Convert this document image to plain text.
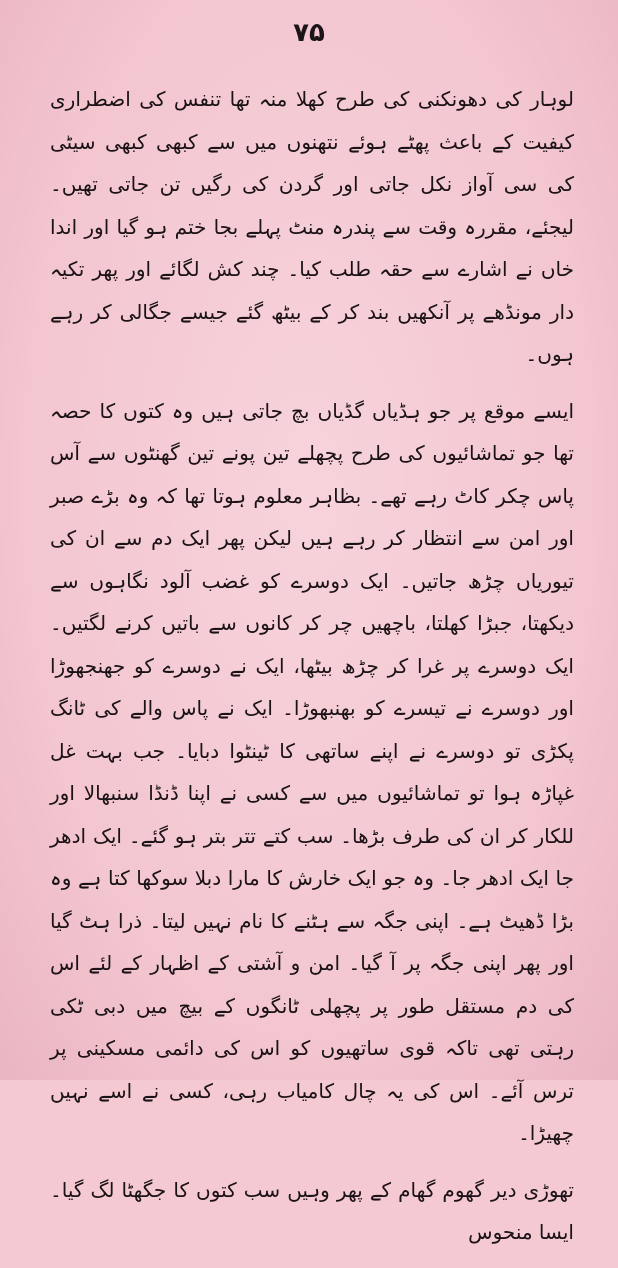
۷۵

لوہار کی دھونکنی کی طرح کھلا منہ تھا تنفس کی اضطراری کیفیت کے باعث پھٹے ہوئے نتھنوں میں سے کبھی کبھی سیٹی کی سی آواز نکل جاتی اور گردن کی رگیں تن جاتی تھیں۔ لیجئے، مقررہ وقت سے پندرہ منٹ پہلے بجا ختم ہو گیا اور اندا خاں نے اشارے سے حقہ طلب کیا۔ چند کش لگائے اور پھر تکیہ دار مونڈھے پر آنکھیں بند کر کے بیٹھ گئے جیسے جگالی کر رہے ہوں۔

ایسے موقع پر جو ہڈیاں گڈیاں بچ جاتی ہیں وہ کتوں کا حصہ تھا جو تماشائیوں کی طرح پچھلے تین پونے تین گھنٹوں سے آس پاس چکر کاٹ رہے تھے۔ بظاہر معلوم ہوتا تھا کہ وہ بڑے صبر اور امن سے انتظار کر رہے ہیں لیکن پھر ایک دم سے ان کی تیوریاں چڑھ جاتیں۔ ایک دوسرے کو غضب آلود نگاہوں سے دیکھتا، جبڑا کھلتا، باچھیں چر کر کانوں سے باتیں کرنے لگتیں۔ ایک دوسرے پر غرا کر چڑھ بیٹھا، ایک نے دوسرے کو جھنجھوڑا اور دوسرے نے تیسرے کو بھنبھوڑا۔ ایک نے پاس والے کی ٹانگ پکڑی تو دوسرے نے اپنے ساتھی کا ٹینٹوا دبایا۔ جب بہت غل غپاڑہ ہوا تو تماشائیوں میں سے کسی نے اپنا ڈنڈا سنبھالا اور للکار کر ان کی طرف بڑھا۔ سب کتے تتر بتر ہو گئے۔ ایک ادھر جا ایک ادھر جا۔ وہ جو ایک خارش کا مارا دبلا سوکھا کتا ہے وہ بڑا ڈھیٹ ہے۔ اپنی جگہ سے ہٹنے کا نام نہیں لیتا۔ ذرا ہٹ گیا اور پھر اپنی جگہ پر آ گیا۔ امن و آشتی کے اظہار کے لئے اس کی دم مستقل طور پر پچھلی ٹانگوں کے بیچ میں دبی ٹکی رہتی تھی تاکہ قوی ساتھیوں کو اس کی دائمی مسکینی پر ترس آئے۔ اس کی یہ چال کامیاب رہی، کسی نے اسے نہیں چھیڑا۔

تھوڑی دیر گھوم گھام کے پھر وہیں سب کتوں کا جگھٹا لگ گیا۔ ایسا منحوس
